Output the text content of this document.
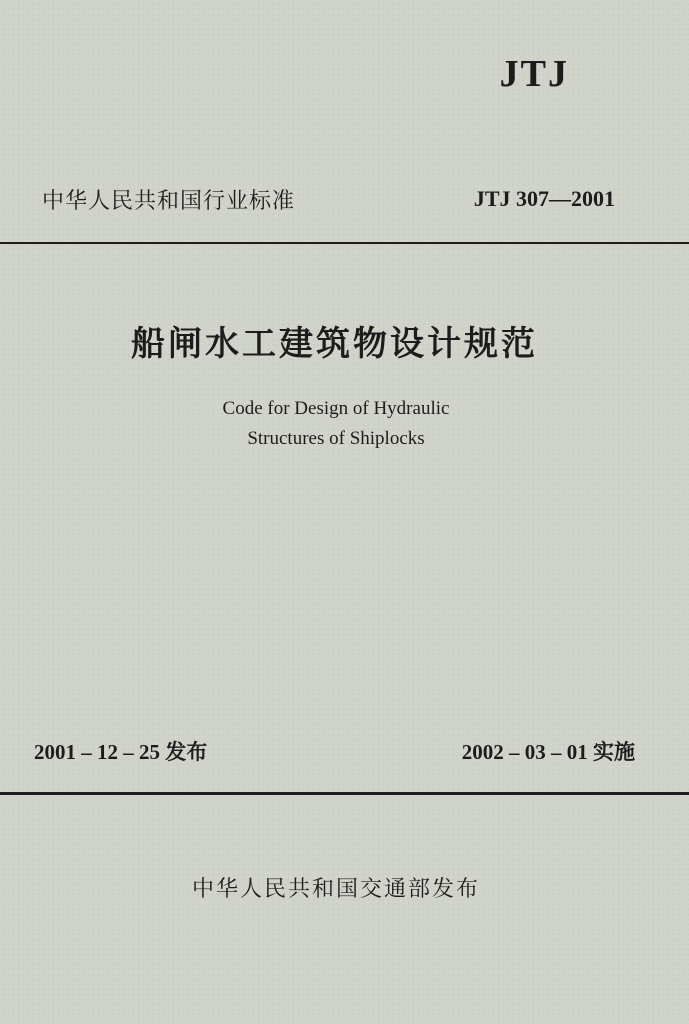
JTJ
中华人民共和国行业标准	JTJ 307—2001
船闸水工建筑物设计规范
Code for Design of Hydraulic
Structures of Shiplocks
2001 – 12 – 25 发布	2002 – 03 – 01 实施
中华人民共和国交通部发布
